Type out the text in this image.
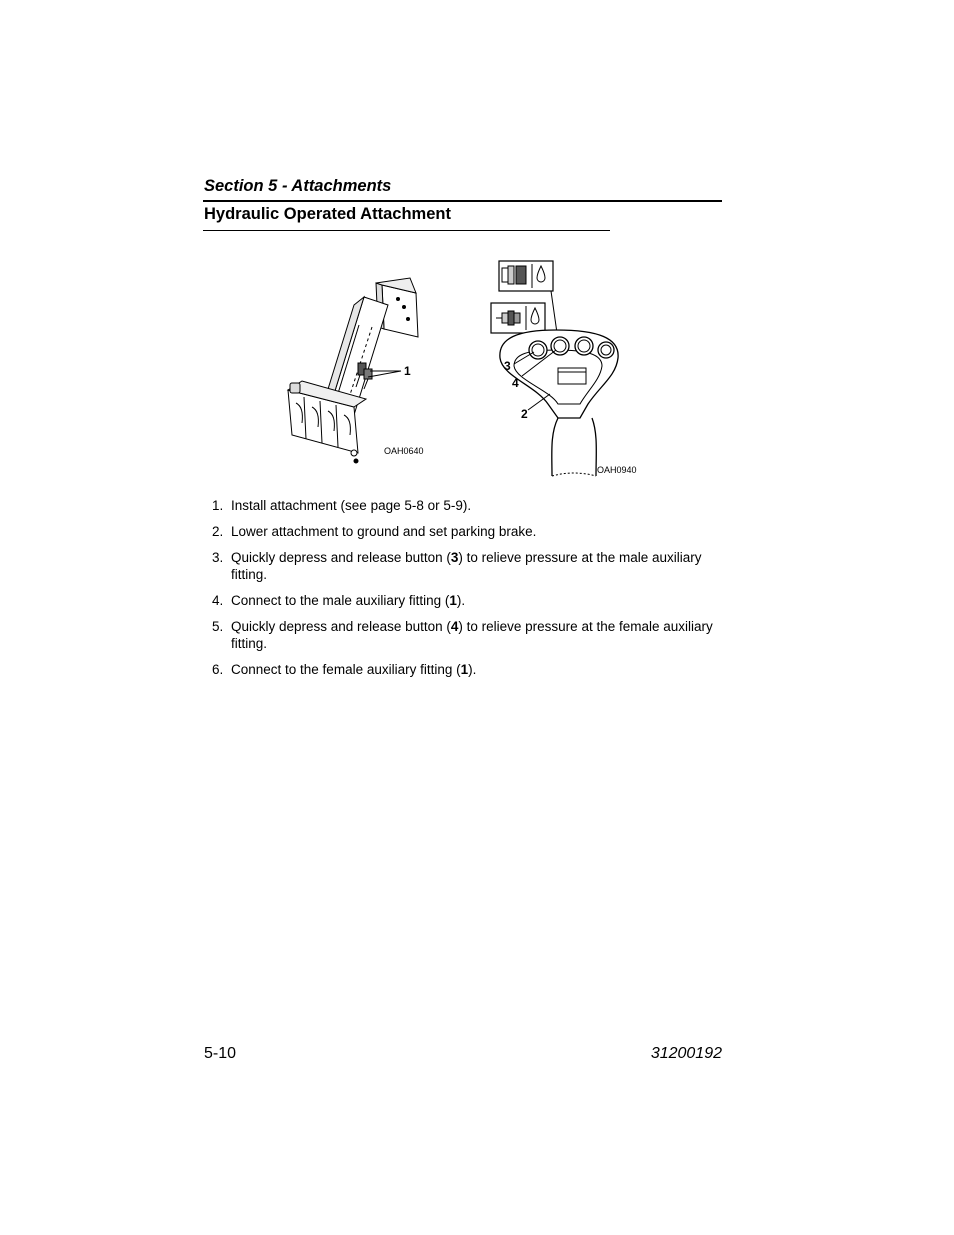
Section 5 - Attachments
Hydraulic Operated Attachment
1
OAH0640
3
4
2
OAH0940
1. Install attachment (see page 5-8 or 5-9).
2. Lower attachment to ground and set parking brake.
3. Quickly depress and release button (3) to relieve pressure at the male auxiliary fitting.
4. Connect to the male auxiliary fitting (1).
5. Quickly depress and release button (4) to relieve pressure at the female auxiliary fitting.
6. Connect to the female auxiliary fitting (1).
5-10	31200192
